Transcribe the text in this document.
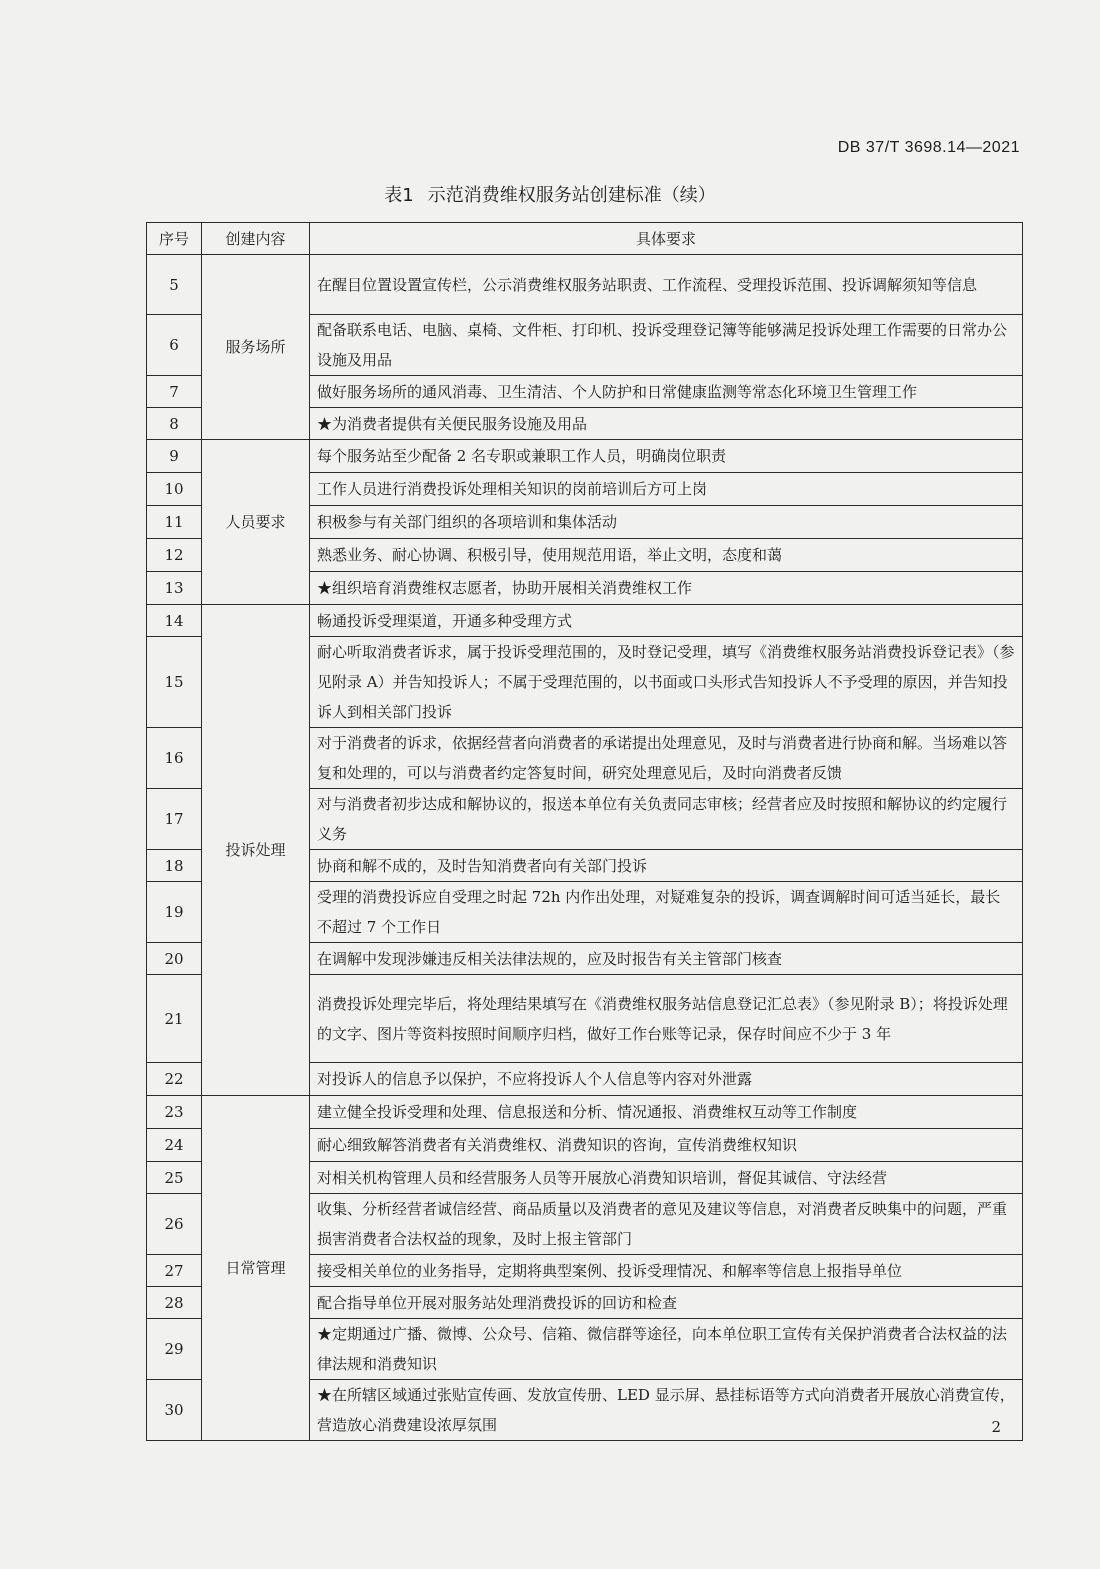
DB 37/T 3698.14—2021
表1 示范消费维权服务站创建标准（续）
序号	创建内容	具体要求
5	服务场所	在醒目位置设置宣传栏，公示消费维权服务站职责、工作流程、受理投诉范围、投诉调解须知等信息
6		配备联系电话、电脑、桌椅、文件柜、打印机、投诉受理登记簿等能够满足投诉处理工作需要的日常办公设施及用品
7		做好服务场所的通风消毒、卫生清洁、个人防护和日常健康监测等常态化环境卫生管理工作
8		★为消费者提供有关便民服务设施及用品
9	人员要求	每个服务站至少配备 2 名专职或兼职工作人员，明确岗位职责
10		工作人员进行消费投诉处理相关知识的岗前培训后方可上岗
11		积极参与有关部门组织的各项培训和集体活动
12		熟悉业务、耐心协调、积极引导，使用规范用语，举止文明，态度和蔼
13		★组织培育消费维权志愿者，协助开展相关消费维权工作
14	投诉处理	畅通投诉受理渠道，开通多种受理方式
15		耐心听取消费者诉求，属于投诉受理范围的，及时登记受理，填写《消费维权服务站消费投诉登记表》（参见附录 A）并告知投诉人；不属于受理范围的，以书面或口头形式告知投诉人不予受理的原因，并告知投诉人到相关部门投诉
16		对于消费者的诉求，依据经营者向消费者的承诺提出处理意见，及时与消费者进行协商和解。当场难以答复和处理的，可以与消费者约定答复时间，研究处理意见后，及时向消费者反馈
17		对与消费者初步达成和解协议的，报送本单位有关负责同志审核；经营者应及时按照和解协议的约定履行义务
18		协商和解不成的，及时告知消费者向有关部门投诉
19		受理的消费投诉应自受理之时起 72h 内作出处理，对疑难复杂的投诉，调查调解时间可适当延长，最长不超过 7 个工作日
20		在调解中发现涉嫌违反相关法律法规的，应及时报告有关主管部门核查
21		消费投诉处理完毕后，将处理结果填写在《消费维权服务站信息登记汇总表》（参见附录 B）；将投诉处理的文字、图片等资料按照时间顺序归档，做好工作台账等记录，保存时间应不少于 3 年
22		对投诉人的信息予以保护，不应将投诉人个人信息等内容对外泄露
23	日常管理	建立健全投诉受理和处理、信息报送和分析、情况通报、消费维权互动等工作制度
24		耐心细致解答消费者有关消费维权、消费知识的咨询，宣传消费维权知识
25		对相关机构管理人员和经营服务人员等开展放心消费知识培训，督促其诚信、守法经营
26		收集、分析经营者诚信经营、商品质量以及消费者的意见及建议等信息，对消费者反映集中的问题，严重损害消费者合法权益的现象，及时上报主管部门
27		接受相关单位的业务指导，定期将典型案例、投诉受理情况、和解率等信息上报指导单位
28		配合指导单位开展对服务站处理消费投诉的回访和检查
29		★定期通过广播、微博、公众号、信箱、微信群等途径，向本单位职工宣传有关保护消费者合法权益的法律法规和消费知识
30		★在所辖区域通过张贴宣传画、发放宣传册、LED 显示屏、悬挂标语等方式向消费者开展放心消费宣传，营造放心消费建设浓厚氛围	2
